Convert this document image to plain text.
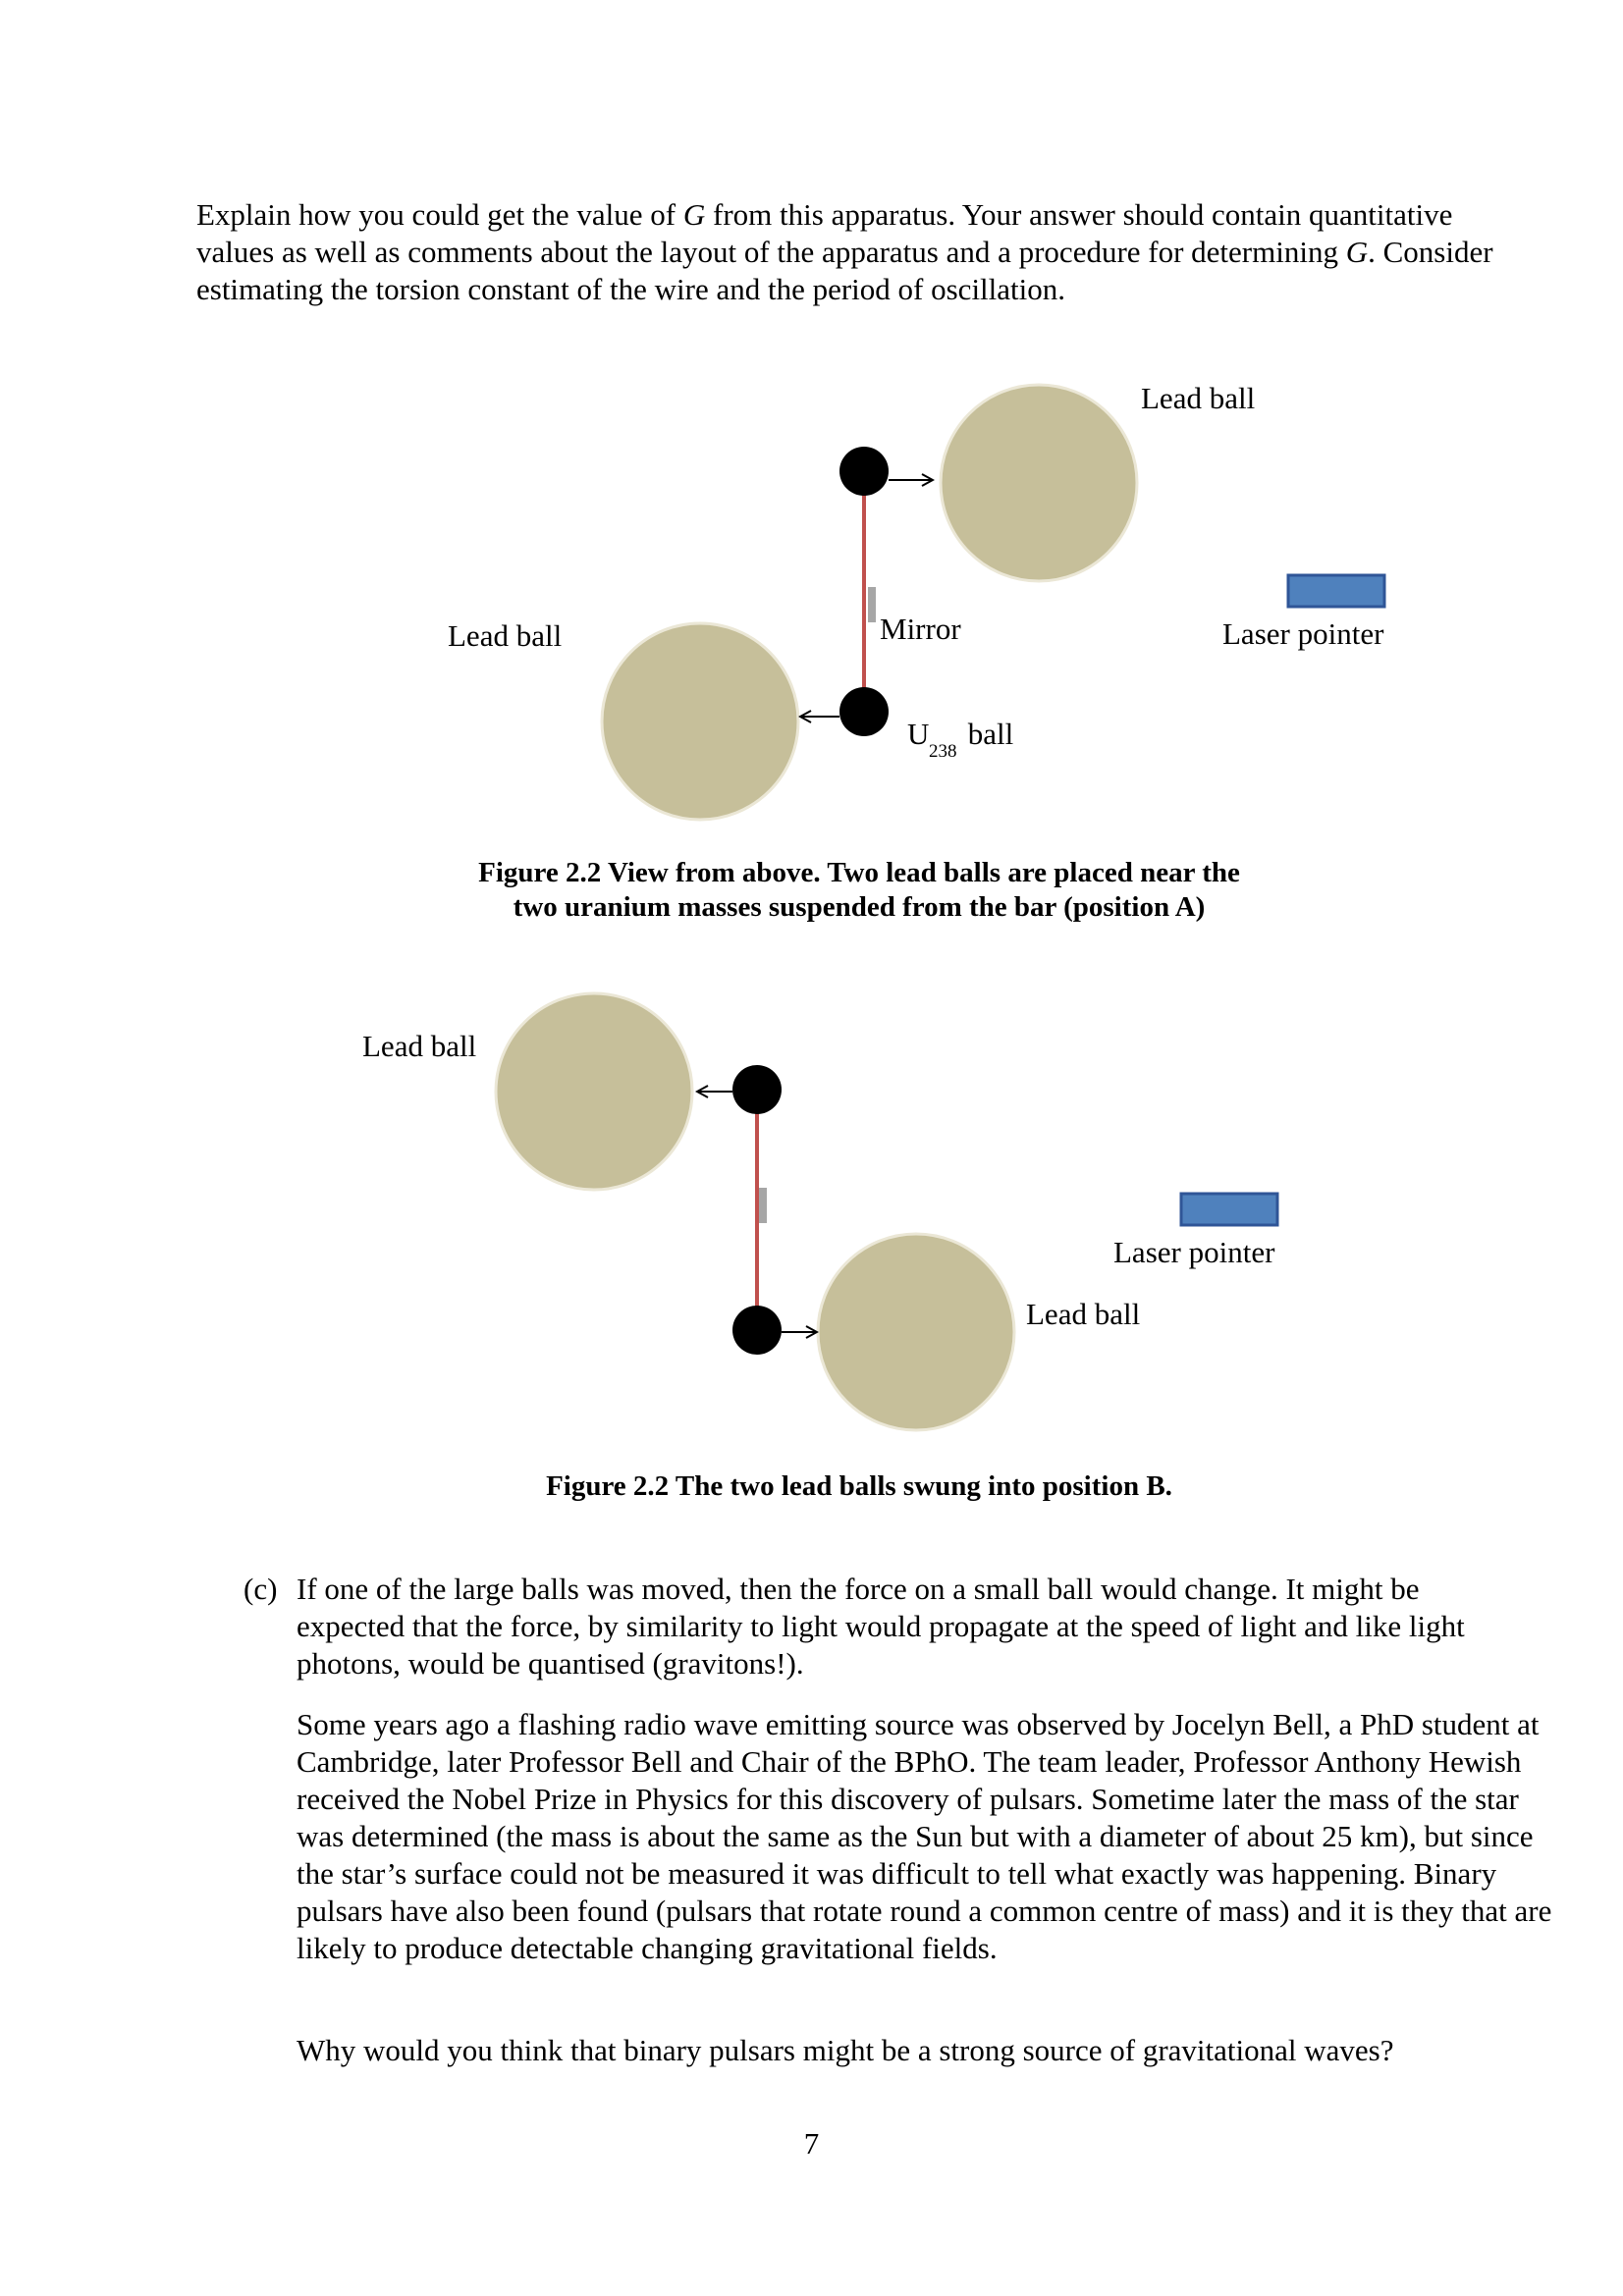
Explain how you could get the value of G from this apparatus. Your answer should contain quantitative values as well as comments about the layout of the apparatus and a procedure for determining G. Consider estimating the torsion constant of the wire and the period of oscillation.

Lead ball
Lead ball	Mirror	Laser pointer
U
238
ball

Figure 2.2 View from above. Two lead balls are placed near the
two uranium masses suspended from the bar (position A)

Lead ball
Lead ball
Laser pointer

Figure 2.2 The two lead balls swung into position B.

(c) If one of the large balls was moved, then the force on a small ball would change. It might be expected that the force, by similarity to light would propagate at the speed of light and like light photons, would be quantised (gravitons!).

Some years ago a flashing radio wave emitting source was observed by Jocelyn Bell, a PhD student at Cambridge, later Professor Bell and Chair of the BPhO. The team leader, Professor Anthony Hewish received the Nobel Prize in Physics for this discovery of pulsars. Sometime later the mass of the star was determined (the mass is about the same as the Sun but with a diameter of about 25 km), but since the star’s surface could not be measured it was difficult to tell what exactly was happening. Binary pulsars have also been found (pulsars that rotate round a common centre of mass) and it is they that are likely to produce detectable changing gravitational fields.

Why would you think that binary pulsars might be a strong source of gravitational waves?

7
